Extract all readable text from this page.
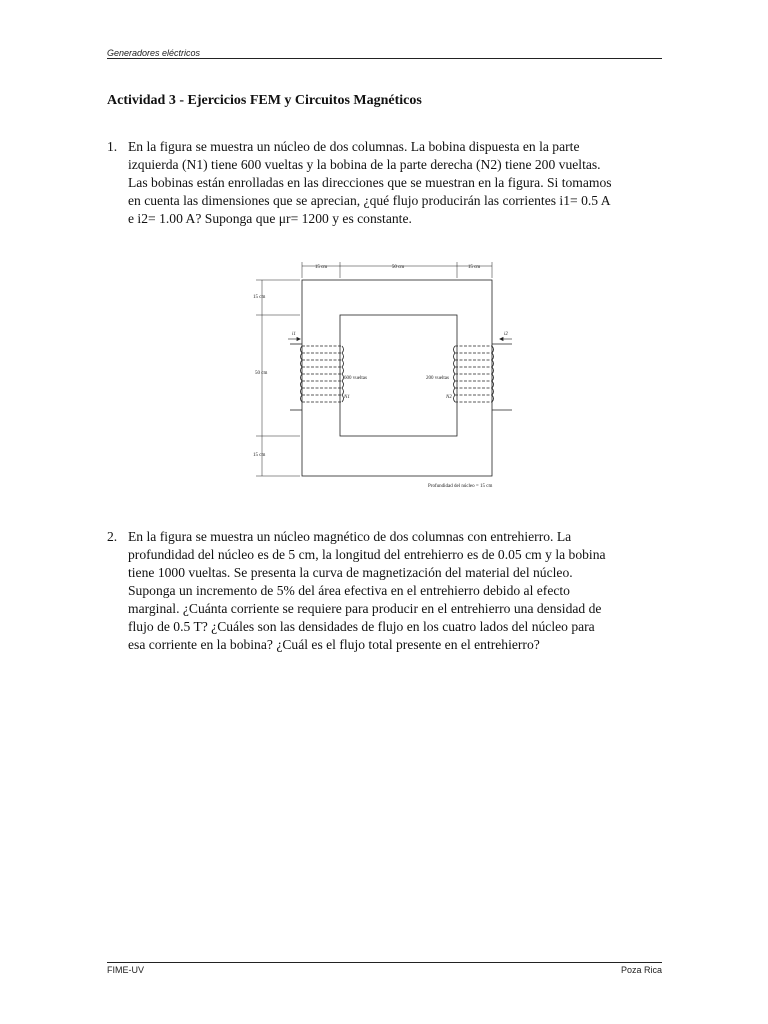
Generadores eléctricos
Actividad 3 - Ejercicios FEM y Circuitos Magnéticos
1. En la figura se muestra un núcleo de dos columnas. La bobina dispuesta en la parte
izquierda (N1) tiene 600 vueltas y la bobina de la parte derecha (N2) tiene 200 vueltas.
Las bobinas están enrolladas en las direcciones que se muestran en la figura. Si tomamos
en cuenta las dimensiones que se aprecian, ¿qué flujo producirán las corrientes i1= 0.5 A
e i2= 1.00 A? Suponga que μr= 1200 y es constante.
15 cm	50 cm	15 cm
15 cm
50 cm
15 cm
i1	i2
600 vueltas	200 vueltas
N1	N2
Profundidad del núcleo = 15 cm
2. En la figura se muestra un núcleo magnético de dos columnas con entrehierro. La
profundidad del núcleo es de 5 cm, la longitud del entrehierro es de 0.05 cm y la bobina
tiene 1000 vueltas. Se presenta la curva de magnetización del material del núcleo.
Suponga un incremento de 5% del área efectiva en el entrehierro debido al efecto
marginal. ¿Cuánta corriente se requiere para producir en el entrehierro una densidad de
flujo de 0.5 T? ¿Cuáles son las densidades de flujo en los cuatro lados del núcleo para
esa corriente en la bobina? ¿Cuál es el flujo total presente en el entrehierro?
FIME-UV	Poza Rica
